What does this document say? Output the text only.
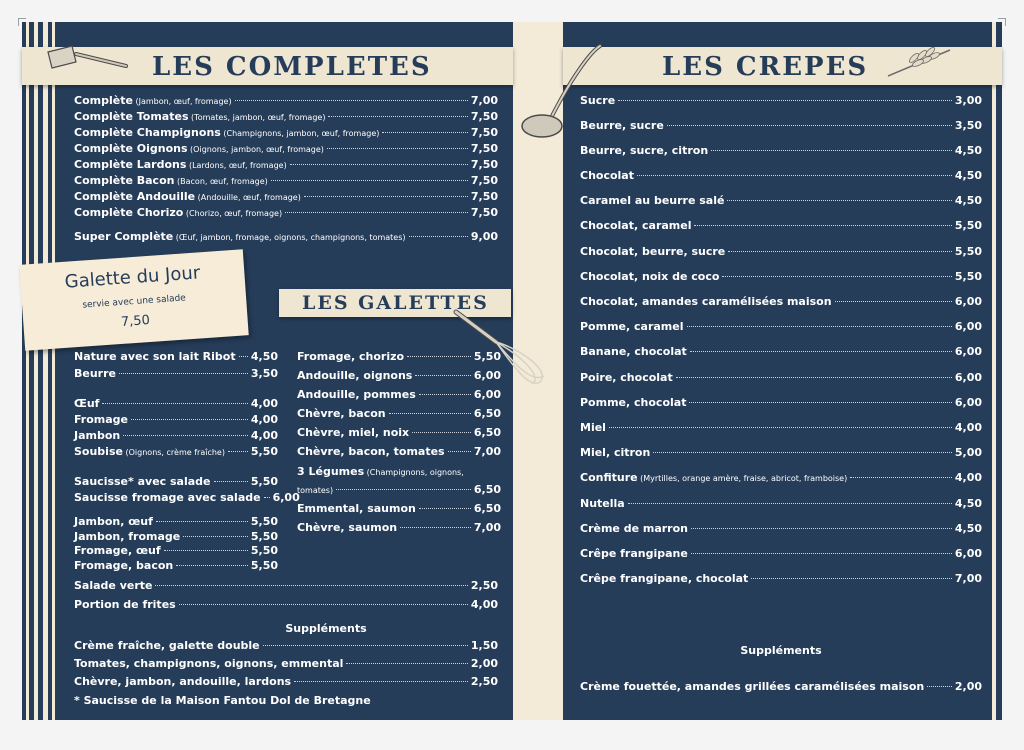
LES COMPLETES	LES CREPES
LES GALETTES
Complète (Jambon, œuf, fromage)	7,00
Complète Tomates (Tomates, jambon, œuf, fromage)	7,50
Complète Champignons (Champignons, jambon, œuf, fromage)	7,50
Complète Oignons (Oignons, jambon, œuf, fromage)	7,50
Complète Lardons (Lardons, œuf, fromage)	7,50
Complète Bacon (Bacon, œuf, fromage)	7,50
Complète Andouille (Andouille, œuf, fromage)	7,50
Complète Chorizo (Chorizo, œuf, fromage)	7,50
Super Complète (Œuf, jambon, fromage, oignons, champignons, tomates)	9,00
Galette du Jour
servie avec une salade
7,50
Nature avec son lait Ribot 4,50
Beurre	3,50
Œuf	4,00
Fromage	4,00
Jambon	4,00
Soubise (Oignons, crème fraîche) 5,50
Saucisse* avec salade	5,50
Saucisse fromage avec salade 6,00
Jambon, œuf	5,50
Jambon, fromage	5,50
Fromage, œuf	5,50
Fromage, bacon	5,50
Fromage, chorizo	5,50
Andouille, oignons	6,00
Andouille, pommes	6,00
Chèvre, bacon	6,50
Chèvre, miel, noix	6,50
Chèvre, bacon, tomates	7,00
3 Légumes (Champignons, oignons,
tomates)	6,50
Emmental, saumon	6,50
Chèvre, saumon	7,00
Salade verte	2,50
Portion de frites	4,00
Suppléments
Crème fraîche, galette double	1,50
Tomates, champignons, oignons, emmental	2,00
Chèvre, jambon, andouille, lardons	2,50
* Saucisse de la Maison Fantou Dol de Bretagne
Sucre	3,00
Beurre, sucre	3,50
Beurre, sucre, citron	4,50
Chocolat	4,50
Caramel au beurre salé	4,50
Chocolat, caramel	5,50
Chocolat, beurre, sucre	5,50
Chocolat, noix de coco	5,50
Chocolat, amandes caramélisées maison	6,00
Pomme, caramel	6,00
Banane, chocolat	6,00
Poire, chocolat	6,00
Pomme, chocolat	6,00
Miel	4,00
Miel, citron	5,00
Confiture (Myrtilles, orange amère, fraise, abricot, framboise)	4,00
Nutella	4,50
Crème de marron	4,50
Crêpe frangipane	6,00
Crêpe frangipane, chocolat	7,00
Suppléments
Crème fouettée, amandes grillées caramélisées maison	2,00
